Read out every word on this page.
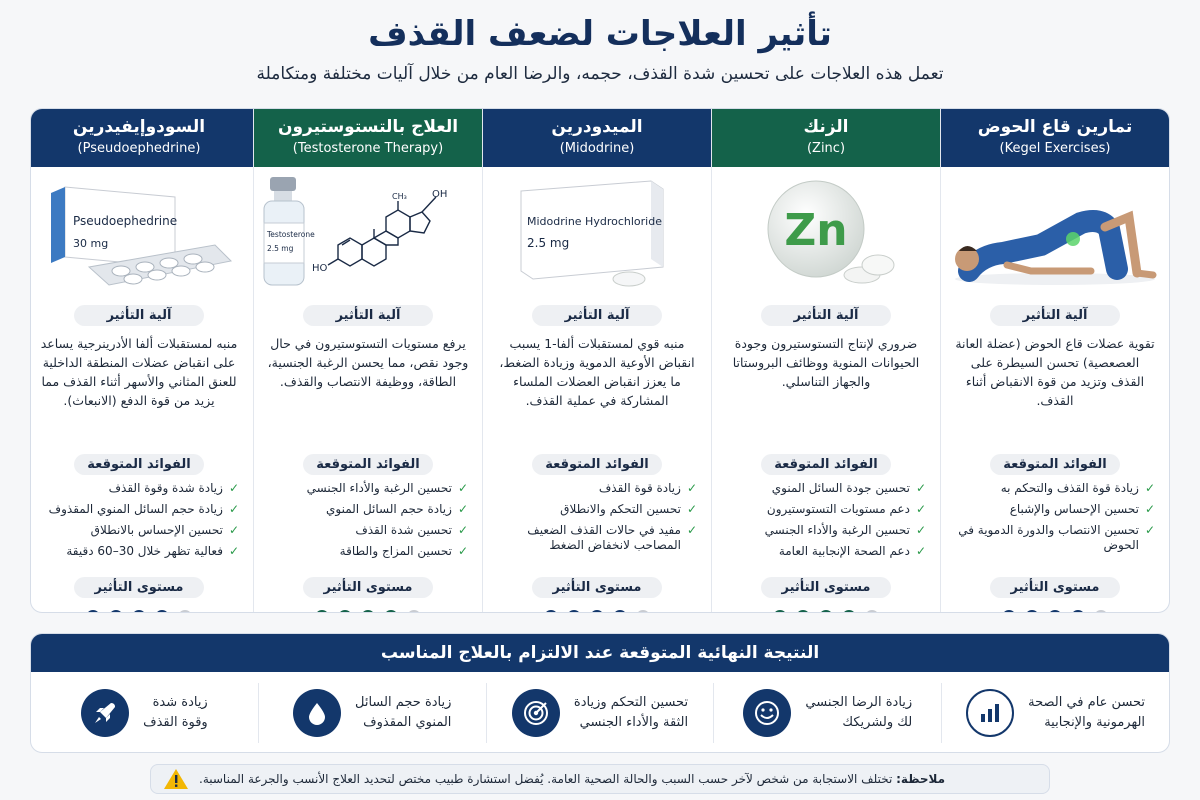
تأثير العلاجات لضعف القذف
تعمل هذه العلاجات على تحسين شدة القذف، حجمه، والرضا العام من خلال آليات مختلفة ومتكاملة
تمارين قاع الحوض
(Kegel Exercises)
آلية التأثير
تقوية عضلات قاع الحوض (عضلة العانة العصعصية) تحسن السيطرة على القذف وتزيد من قوة الانقباض أثناء القذف.
الفوائد المتوقعة
✓
زيادة قوة القذف والتحكم به
✓
تحسين الإحساس والإشباع
✓
تحسين الانتصاب والدورة الدموية في الحوض
مستوى التأثير
الزنك
(Zinc)
Zn
آلية التأثير
ضروري لإنتاج التستوستيرون وجودة الحيوانات المنوية ووظائف البروستاتا والجهاز التناسلي.
الفوائد المتوقعة
✓
تحسين جودة السائل المنوي
✓
دعم مستويات التستوستيرون
✓
تحسين الرغبة والأداء الجنسي
✓
دعم الصحة الإنجابية العامة
مستوى التأثير
الميدودرين
(Midodrine)
Midodrine Hydrochloride
2.5 mg
آلية التأثير
منبه قوي لمستقبلات ألفا-1 يسبب انقباض الأوعية الدموية وزيادة الضغط، ما يعزز انقباض العضلات الملساء المشاركة في عملية القذف.
الفوائد المتوقعة
✓
زيادة قوة القذف
✓
تحسين التحكم والانطلاق
✓
مفيد في حالات القذف الضعيف المصاحب لانخفاض الضغط
مستوى التأثير
العلاج بالتستوستيرون
(Testosterone Therapy)
Testosterone
2.5 mg
OH
HO
CH₃
آلية التأثير
يرفع مستويات التستوستيرون في حال وجود نقص، مما يحسن الرغبة الجنسية، الطاقة، ووظيفة الانتصاب والقذف.
الفوائد المتوقعة
✓
تحسين الرغبة والأداء الجنسي
✓
زيادة حجم السائل المنوي
✓
تحسين شدة القذف
✓
تحسين المزاج والطاقة
مستوى التأثير
السودوإيفيدرين
(Pseudoephedrine)
Pseudoephedrine
30 mg
آلية التأثير
منبه لمستقبلات ألفا الأدرينرجية يساعد على انقباض عضلات المنطقة الداخلية للعنق المثاني والأسهر أثناء القذف مما يزيد من قوة الدفع (الانبعاث).
الفوائد المتوقعة
✓
زيادة شدة وقوة القذف
✓
زيادة حجم السائل المنوي المقذوف
✓
تحسين الإحساس بالانطلاق
✓
فعالية تظهر خلال 30–60 دقيقة
مستوى التأثير
النتيجة النهائية المتوقعة عند الالتزام بالعلاج المناسب
تحسن عام في الصحة
الهرمونية والإنجابية
زيادة الرضا الجنسي
لك ولشريكك
تحسين التحكم وزيادة
الثقة والأداء الجنسي
زيادة حجم السائل
المنوي المقذوف
زيادة شدة
وقوة القذف
ملاحظة: تختلف الاستجابة من شخص لآخر حسب السبب والحالة الصحية العامة. يُفضل استشارة طبيب مختص لتحديد العلاج الأنسب والجرعة المناسبة.
